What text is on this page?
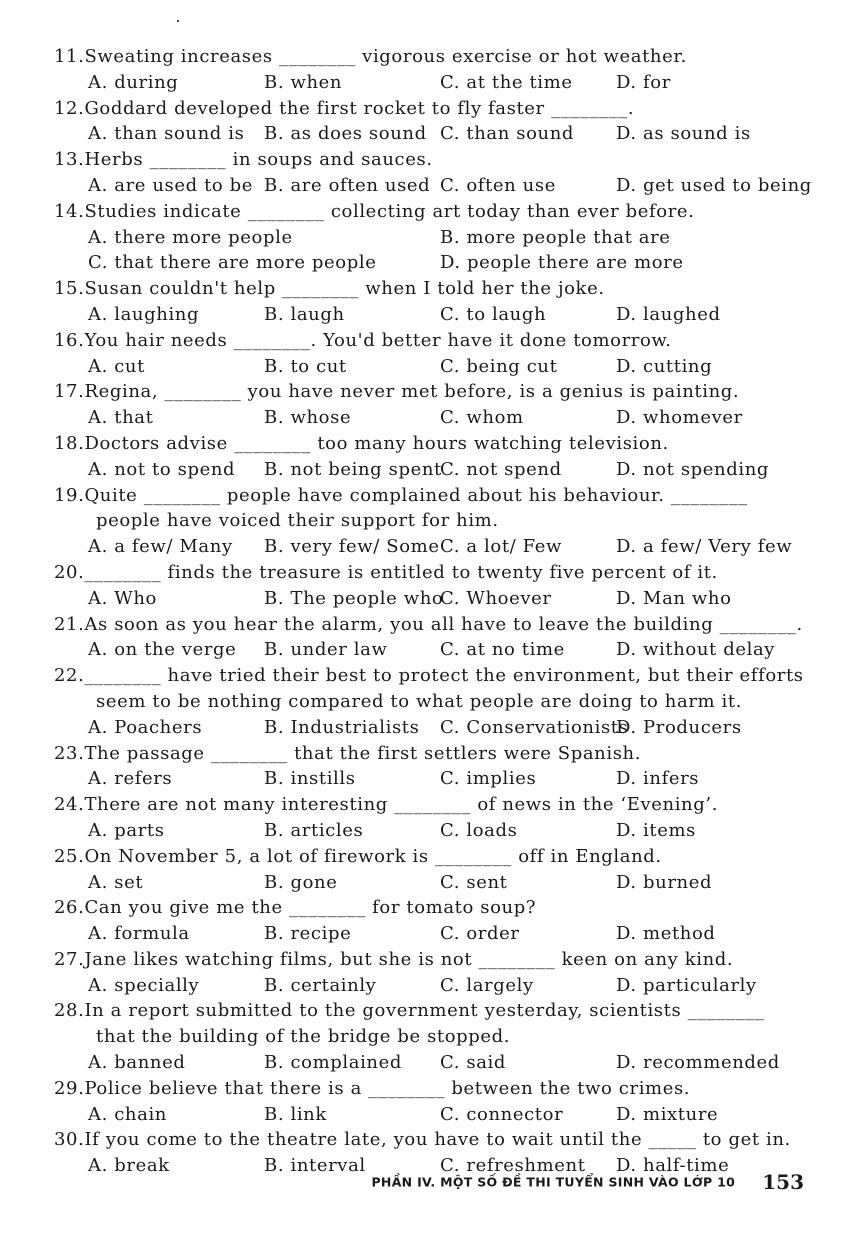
11.Sweating increases ________ vigorous exercise or hot weather.
A. during	B. when	C. at the time D. for
12.Goddard developed the first rocket to fly faster ________.
A. than sound is B. as does sound C. than sound D. as sound is
13.Herbs ________ in soups and sauces.
A. are used to be B. are often used C. often use	D. get used to being
14.Studies indicate ________ collecting art today than ever before.
A. there more people	B. more people that are
C. that there are more people	D. people there are more
15.Susan couldn't help ________ when I told her the joke.
A. laughing	B. laugh	C. to laugh	D. laughed
16.You hair needs ________. You'd better have it done tomorrow.
A. cut	B. to cut	C. being cut	D. cutting
17.Regina, ________ you have never met before, is a genius is painting.
A. that	B. whose	C. whom	D. whomever
18.Doctors advise ________ too many hours watching television.
A. not to spend B. not being spent
C. not spend	D. not spending
19.Quite ________ people have complained about his behaviour. ________
people have voiced their support for him.
A. a few/ Many B. very few/ Some C. a lot/ Few	D. a few/ Very few
20.________ finds the treasure is entitled to twenty five percent of it.
A. Who	B. The people who
C. Whoever	D. Man who
21.As soon as you hear the alarm, you all have to leave the building ________.
A. on the verge B. under law	C. at no time	D. without delay
22.________ have tried their best to protect the environment, but their efforts
seem to be nothing compared to what people are doing to harm it.
A. Poachers	B. Industrialists C. Conservationists
D. Producers
23.The passage ________ that the first settlers were Spanish.
A. refers	B. instills	C. implies	D. infers
24.There are not many interesting ________ of news in the ‘Evening’.
A. parts	B. articles	C. loads	D. items
25.On November 5, a lot of firework is ________ off in England.
A. set	B. gone	C. sent	D. burned
26.Can you give me the ________ for tomato soup?
A. formula	B. recipe	C. order	D. method
27.Jane likes watching films, but she is not ________ keen on any kind.
A. specially	B. certainly	C. largely	D. particularly
28.In a report submitted to the government yesterday, scientists ________
that the building of the bridge be stopped.
A. banned	B. complained C. said	D. recommended
29.Police believe that there is a ________ between the two crimes.
A. chain	B. link	C. connector	D. mixture
30.If you come to the theatre late, you have to wait until the _____ to get in.
A. break	B. interval	C. refreshment D. half-time
PHẦN IV. MỘT SỐ ĐỀ THI TUYỂN SINH VÀO LỚP 10 153
